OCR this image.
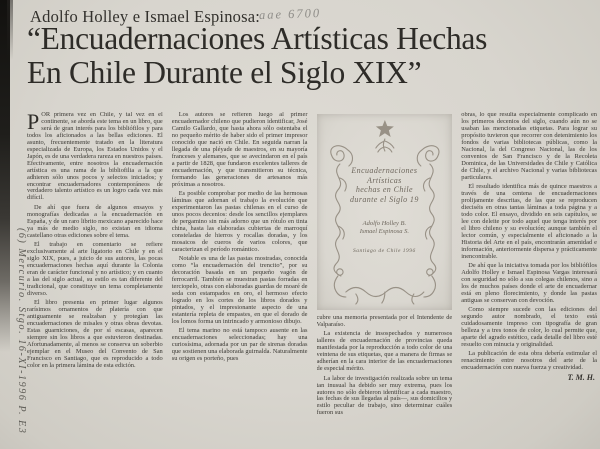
(6) Mercurio. Stgo. 16-XI-1996 P. E3
Adolfo Holley e Ismael Espinosa:
aae 6700
“Encuadernaciones Artísticas Hechas
En Chile Durante el Siglo XIX”

POR primera vez en Chile, y tal vez en el continente, se aborda este tema en un libro, que será de gran interés para los bibliófilos y para todos los aficionados a las bellas ediciones. El asunto, frecuentemente tratado en la literatura especializada de Europa, los Estados Unidos y el Japón, es de una verdadera rareza en nuestros países. Efectivamente, entre nosotros la encuadernación artística es una rama de la bibliofilia a la que adhieren sólo unos pocos y selectos iniciados; y encontrar encuadernadores contemporáneos de verdadero talento artístico es un logro cada vez más difícil.

De ahí que fuera de algunos ensayos y monografías dedicadas a la encuadernación en España, y de un raro librito mexicano aparecido hace ya más de medio siglo, no existan en idioma castellano otras ediciones sobre el tema.

El trabajo en comentario se refiere exclusivamente al arte ligatorio en Chile y en el siglo XIX, pues, a juicio de sus autores, las pocas encuadernaciones hechas aquí durante la Colonia eran de carácter funcional y no artístico; y en cuanto a las del siglo actual, su estilo es tan diferente del tradicional, que constituye un tema completamente diverso.

El libro presenta en primer lugar algunos rarísimos ornamentos de platería con que antiguamente se realzaban y protegían las encuadernaciones de misales y otras obras devotas. Estas guarniciones, de por sí escasas, aparecen siempre sin los libros a que estuvieron destinadas. Afortunadamente, al menos se conserva un soberbio ejemplar en el Museo del Convento de San Francisco en Santiago, que es reproducido a todo color en la primera lámina de esta edición.

Los autores se refieren luego al primer encuadernador chileno que pudieron identificar, José Camilo Gallardo, que hasta ahora sólo ostentaba el no pequeño mérito de haber sido el primer impresor conocido que nació en Chile. En seguida narran la llegada de una pléyade de maestros, en su mayoría franceses y alemanes, que se avecindaron en el país a partir de 1828, que fundaron excelentes talleres de encuadernación, y que transmitieron su técnica, formando las generaciones de artesanos más próximas a nosotros.

Es posible comprobar por medio de las hermosas láminas que adornan el trabajo la evolución que experimentaron las pastas chilenas en el curso de unos pocos decenios: desde los sencillos ejemplares de pergamino sin más adorno que un rótulo en tinta china, hasta las elaboradas cubiertas de marroquí consteladas de hierros y rocallas doradas, y los mosaicos de cueros de varios colores, que caracterizan el período romántico.

Notable es una de las pastas mostradas, conocida como “la encuadernación del trencito”, por su decoración basada en un pequeño vagón de ferrocarril. También se muestran pastas forradas en terciopelo, otras con elaboradas guardas de moaré de seda con estampados en oro, el hermoso efecto logrado en los cortes de los libros dorados y pintados, y el impresionante aspecto de una estantería repleta de empastes, en que el dorado de los lomos forma un intrincado y armonioso dibujo.

El tema marino no está tampoco ausente en las encuadernaciones seleccionadas; hay una curiosísima, adornada por un par de sirenas doradas que sostienen una elaborada guirnalda. Naturalmente su origen es porteño, pues

Encuadernaciones
Artísticas
hechas en Chile
durante el Siglo 19
Adolfo Holley B.
Ismael Espinosa S.
Santiago de Chile 1996

cubre una memoria presentada por el Intendente de Valparaíso.

La existencia de insospechados y numerosos talleres de encuadernación de provincias queda manifestada por la reproducción a todo color de una veintena de sus etiquetas, que a manera de firmas se adherían en la cara interior de las encuadernaciones de especial mérito.

La labor de investigación realizada sobre un tema tan inusual ha debido ser muy extrema, pues los autores no sólo debieron identificar a cada maestro, las fechas de sus llegadas al país—, sus domicilios y estilo peculiar de trabajo, sino determinar cuáles fueron sus

obras, lo que resulta especialmente complicado en los primeros decenios del siglo, cuando aún no se usaban las mencionadas etiquetas. Para lograr su propósito tuvieron que recorrer con detenimiento los fondos de varias bibliotecas públicas, como la Nacional, la del Congreso Nacional, las de los conventos de San Francisco y de la Recoleta Dominica, de las Universidades de Chile y Católica de Chile, y el archivo Nacional y varias bibliotecas particulares.

El resultado identifica más de quince maestros a través de una centena de encuadernaciones prolijamente descritas, de las que se reproducen dieciséis en otras tantas láminas a toda página y a todo color. El ensayo, dividido en seis capítulos, se lee con deleite por todo aquel que tenga interés por el libro chileno y su evolución; aunque también el lector común, y especialmente el aficionado a la Historia del Arte en el país, encontrarán amenidad e información, anteriormente dispersa y prácticamente inencontrable.

De ahí que la iniciativa tomada por los bibliófilos Adolfo Holley e Ismael Espinosa Vargas interesará con seguridad no sólo a sus colegas chilenos, sino a los de muchos países donde el arte de encuadernar está en pleno florecimiento, y donde las pastas antiguas se conservan con devoción.

Como siempre sucede con las ediciones del segundo autor nombrado, el texto está cuidadosamente impreso con tipografía de gran belleza y a tres tonos de color, lo cual permite que, aparte del agrado estético, cada detalle del libro esté resuelto con minucia y originalidad.

La publicación de esta obra debería estimular el renacimiento entre nosotros del arte de la encuadernación con nueva fuerza y creatividad.

T. M. H.
